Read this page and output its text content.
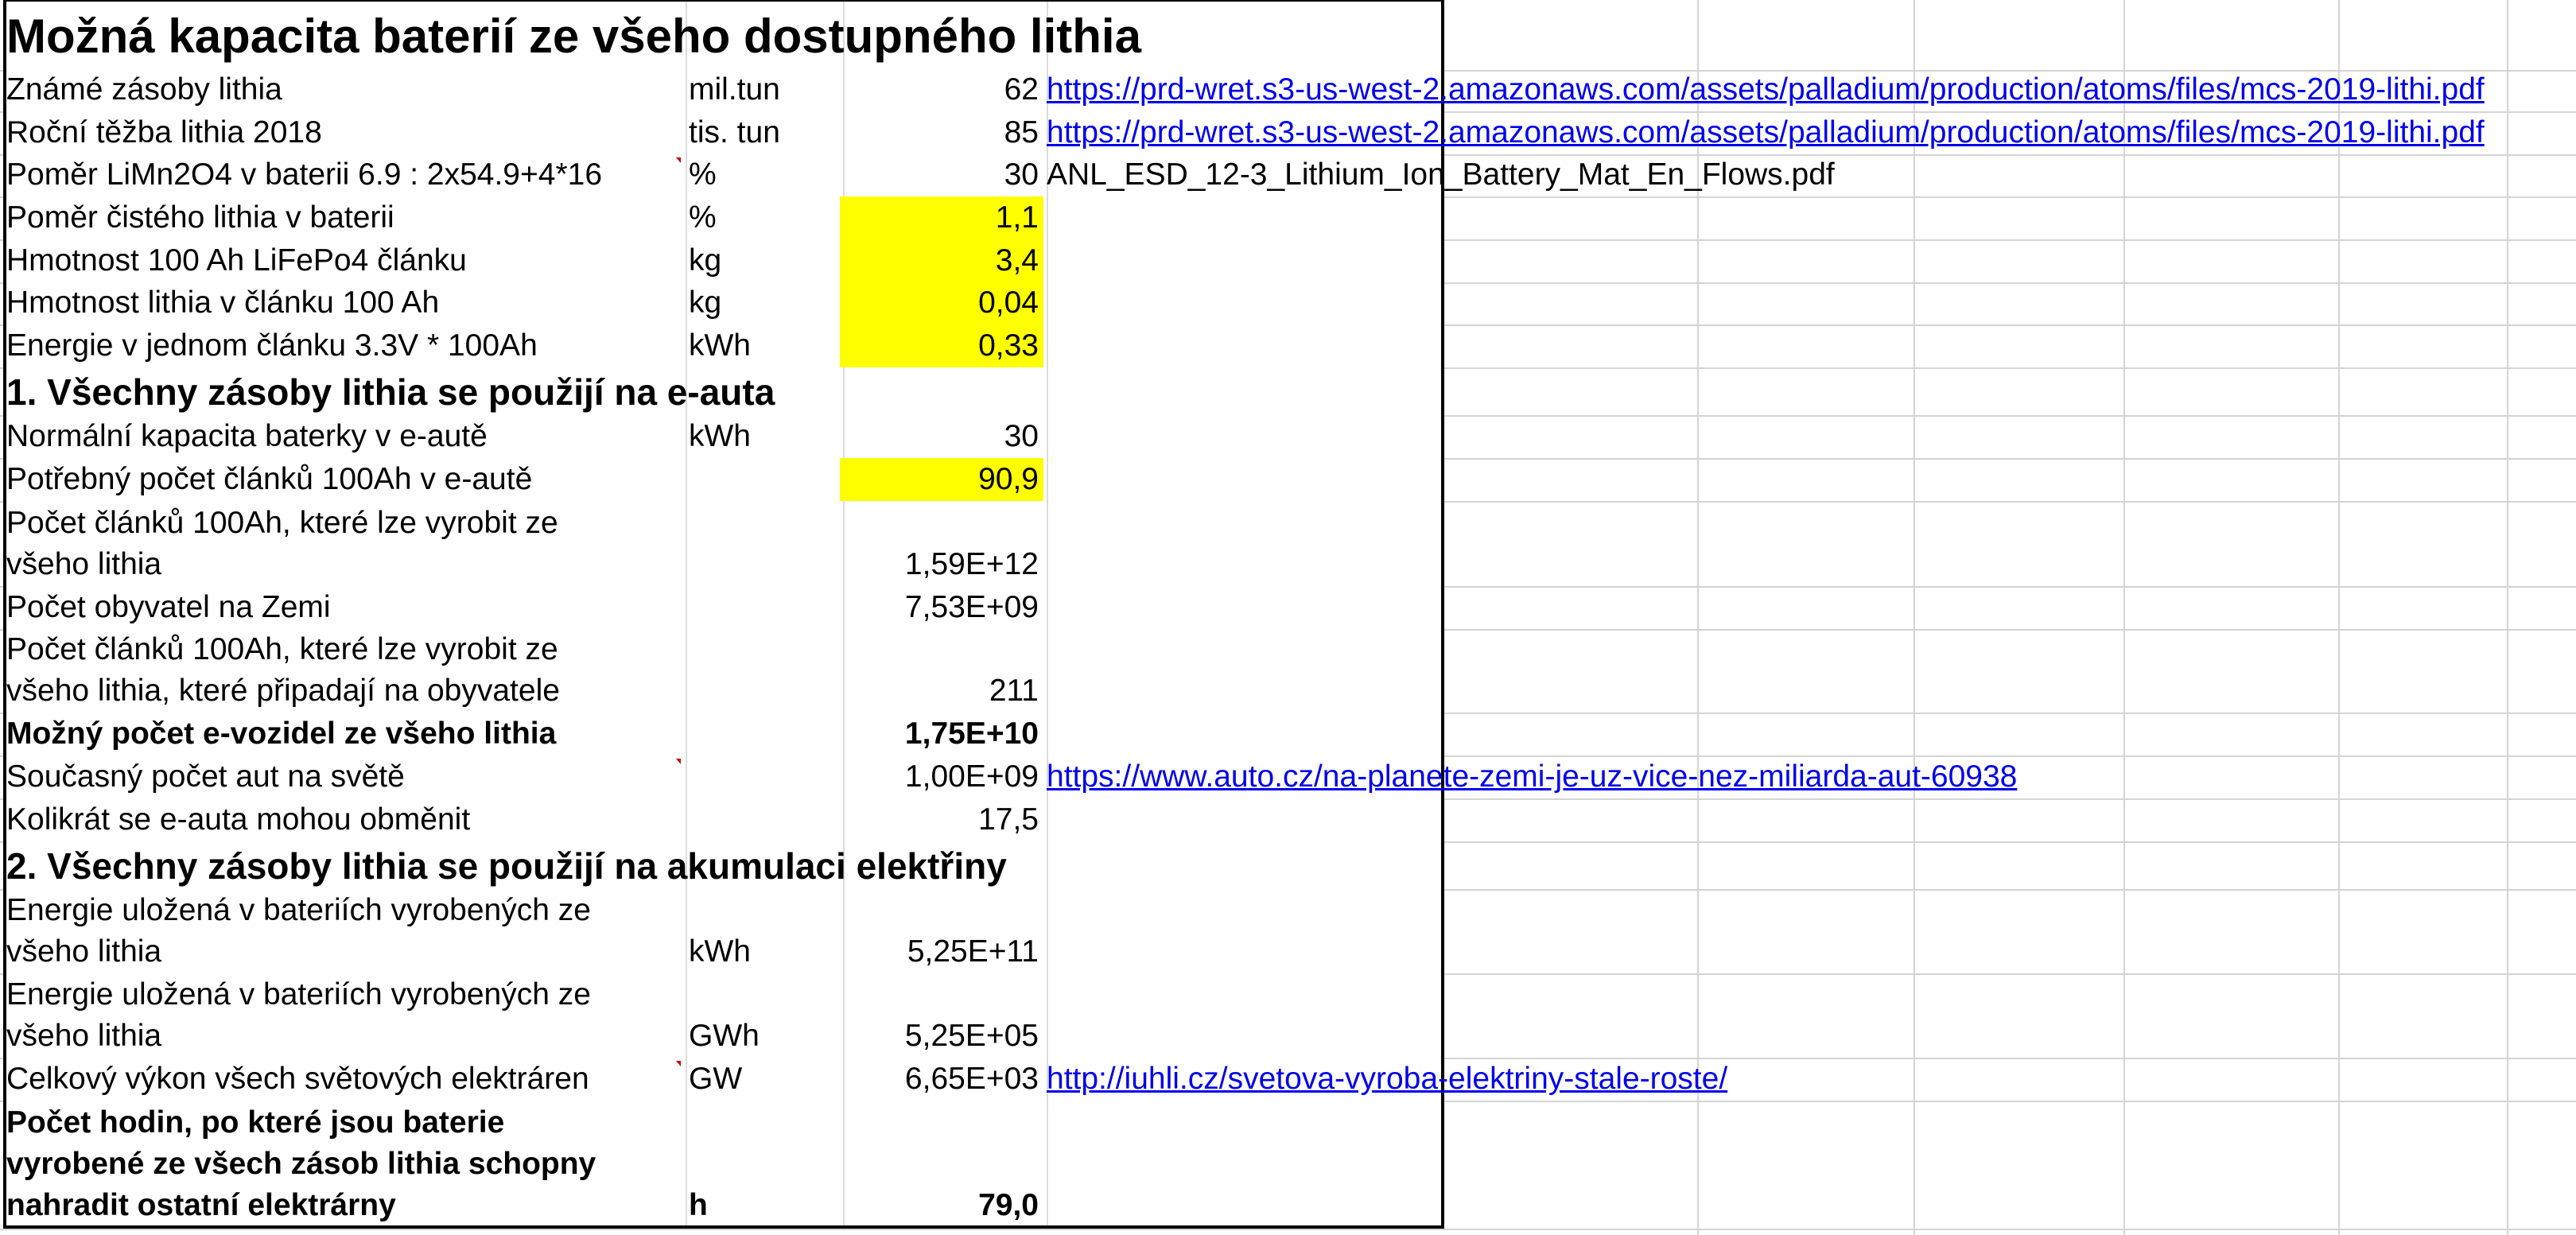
Možná kapacita baterií ze všeho dostupného lithia
Známé zásoby lithia	mil.tun	62 https://prd-wret.s3-us-west-2.amazonaws.com/assets/palladium/production/atoms/files/mcs-2019-lithi.pdf
Roční těžba lithia 2018	tis. tun	85 https://prd-wret.s3-us-west-2.amazonaws.com/assets/palladium/production/atoms/files/mcs-2019-lithi.pdf
Poměr LiMn2O4 v baterii 6.9 : 2x54.9+4*16	%	30 ANL_ESD_12-3_Lithium_Ion_Battery_Mat_En_Flows.pdf
Poměr čistého lithia v baterii	%	1,1
Hmotnost 100 Ah LiFePo4 článku	kg	3,4
Hmotnost lithia v článku 100 Ah	kg	0,04
Energie v jednom článku 3.3V * 100Ah	kWh	0,33
1. Všechny zásoby lithia se použijí na e-auta
Normální kapacita baterky v e-autě	kWh	30
Potřebný počet článků 100Ah v e-autě	90,9
Počet článků 100Ah, které lze vyrobit ze
všeho lithia	1,59E+12
Počet obyvatel na Zemi	7,53E+09
Počet článků 100Ah, které lze vyrobit ze
všeho lithia, které připadají na obyvatele	211
Možný počet e-vozidel ze všeho lithia	1,75E+10
Současný počet aut na světě	1,00E+09 https://www.auto.cz/na-planete-zemi-je-uz-vice-nez-miliarda-aut-60938
Kolikrát se e-auta mohou obměnit	17,5
2. Všechny zásoby lithia se použijí na akumulaci elektřiny
Energie uložená v bateriích vyrobených ze
všeho lithia	kWh	5,25E+11
Energie uložená v bateriích vyrobených ze
všeho lithia	GWh	5,25E+05
Celkový výkon všech světových elektráren	GW	6,65E+03 http://iuhli.cz/svetova-vyroba-elektriny-stale-roste/
Počet hodin, po které jsou baterie
vyrobené ze všech zásob lithia schopny
nahradit ostatní elektrárny	h	79,0
